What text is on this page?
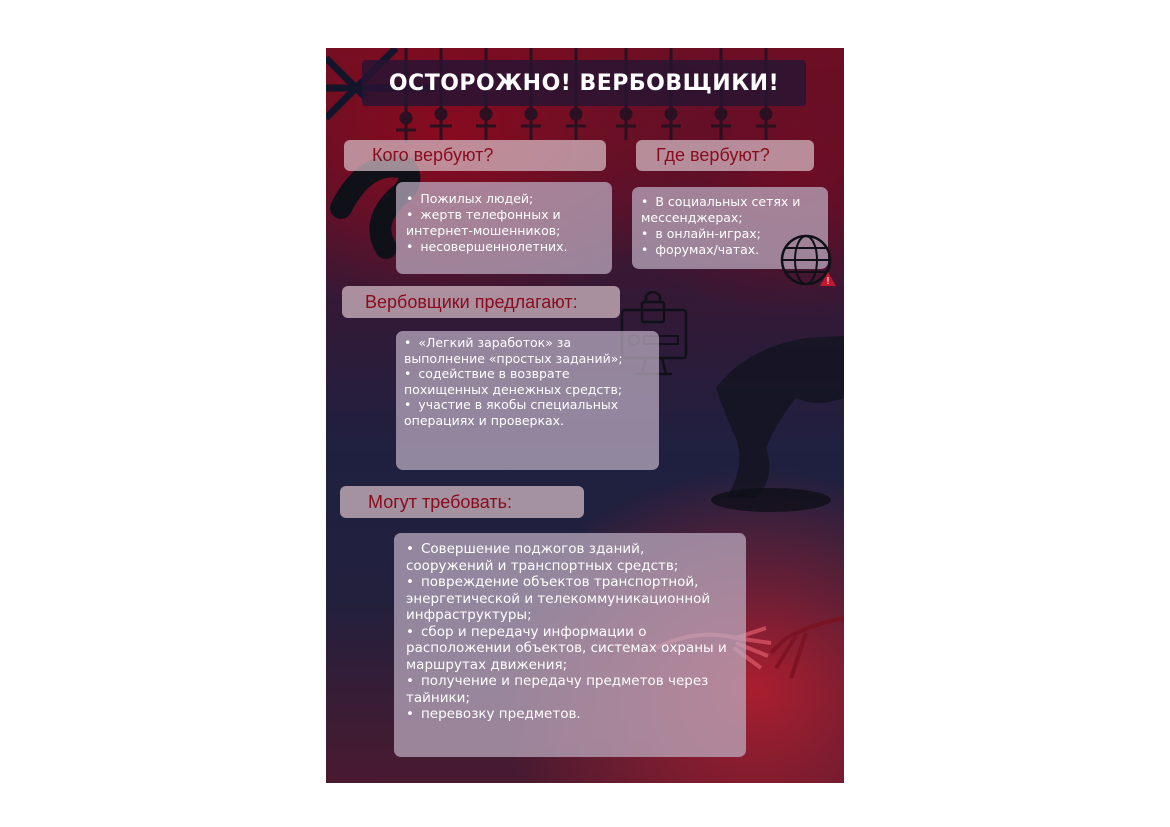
ОСТОРОЖНО! ВЕРБОВЩИКИ!
Кого вербуют?
• Пожилых людей;
• жертв телефонных и интернет-мошенников;
• несовершеннолетних.
Где вербуют?
• В социальных сетях и мессенджерах;
• в онлайн-играх;
• форумах/чатах.
!
Вербовщики предлагают:
• «Легкий заработок» за выполнение «простых заданий»;
• содействие в возврате похищенных денежных средств;
• участие в якобы специальных операциях и проверках.
Могут требовать:
• Совершение поджогов зданий, сооружений и транспортных средств;
• повреждение объектов транспортной, энергетической и телекоммуникационной инфраструктуры;
• сбор и передачу информации о расположении объектов, системах охраны и маршрутах движения;
• получение и передачу предметов через тайники;
• перевозку предметов.
